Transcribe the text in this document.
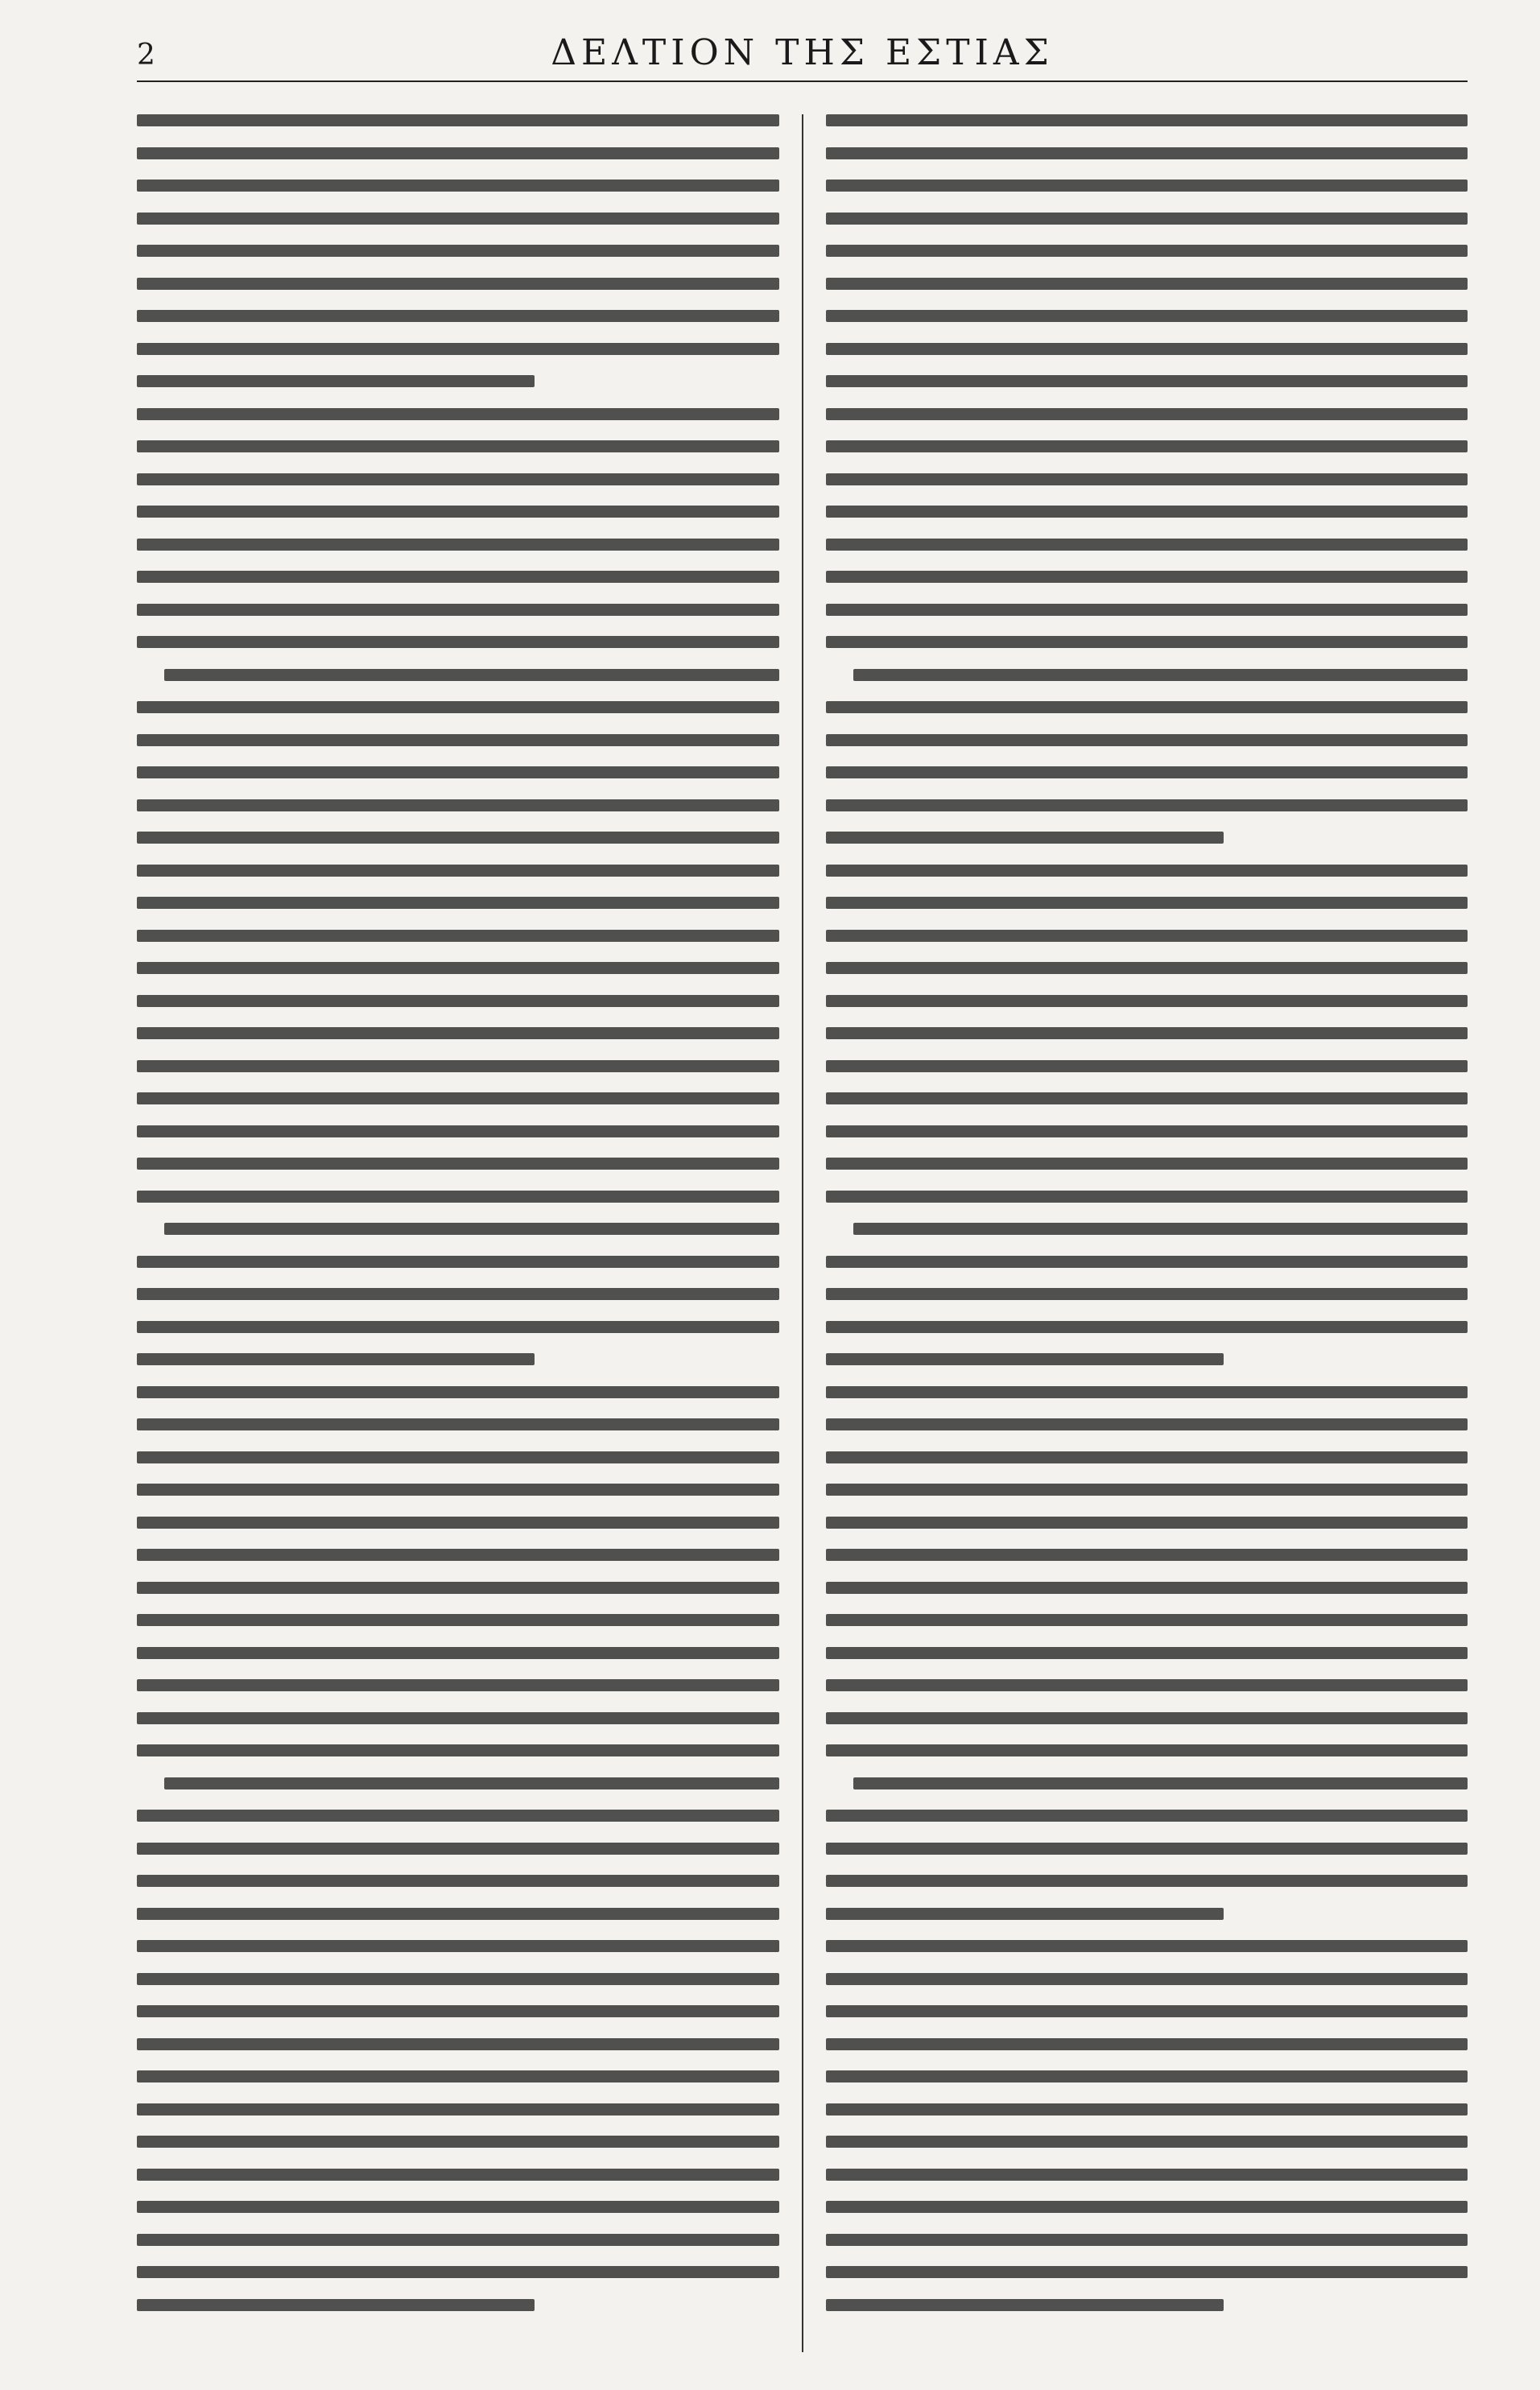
2	ΔΕΛΤΙΟΝ ΤΗΣ ΕΣΤΙΑΣ
